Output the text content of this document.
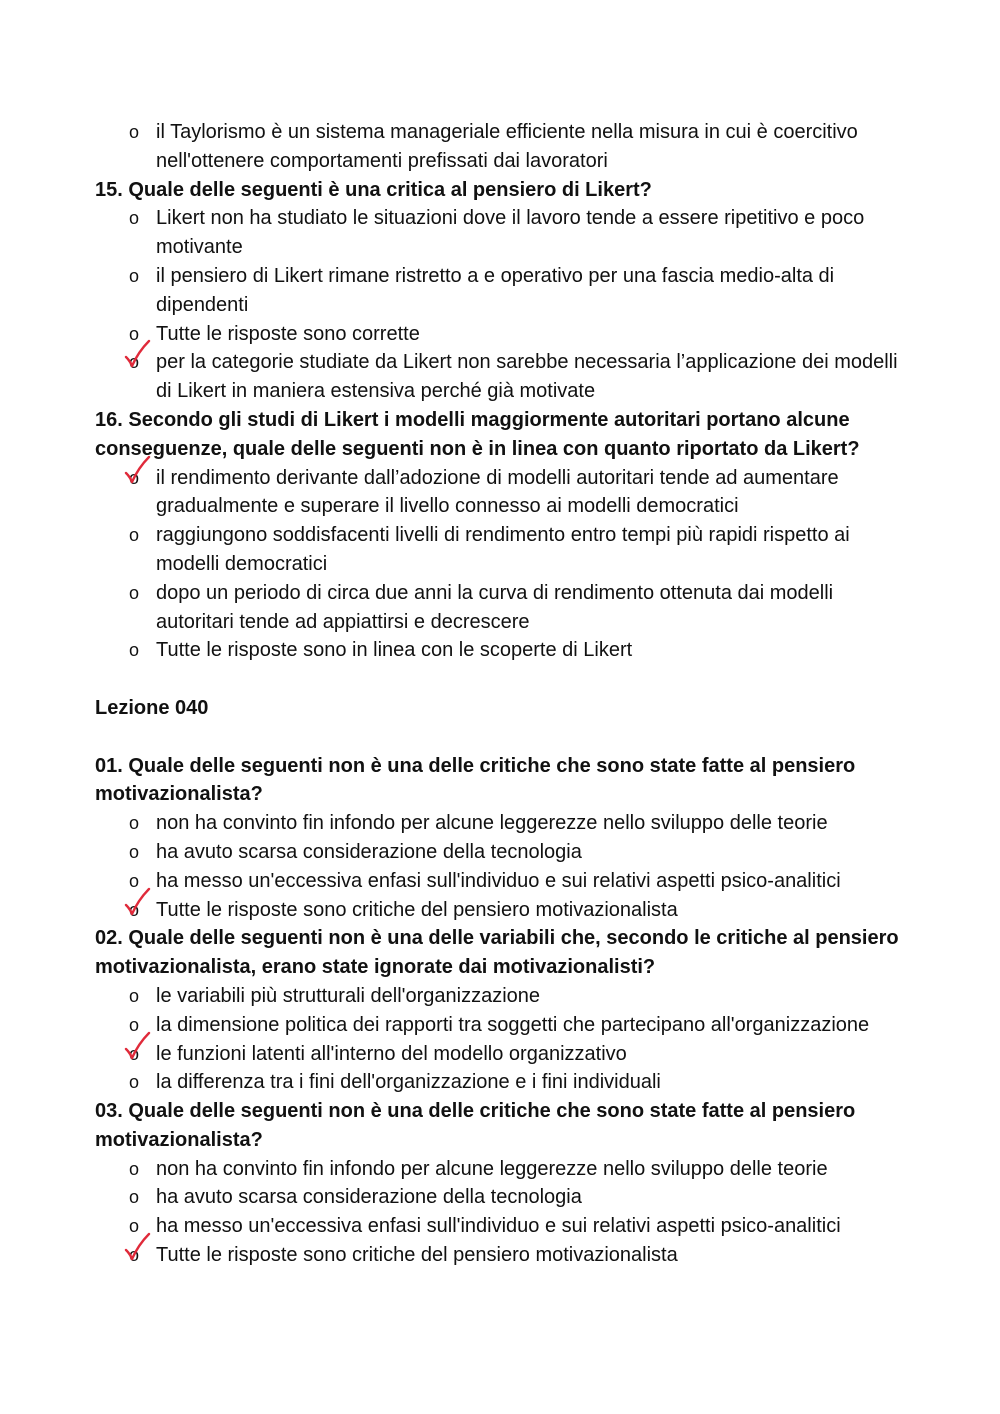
o il Taylorismo è un sistema manageriale efficiente nella misura in cui è coercitivo nell'ottenere comportamenti prefissati dai lavoratori

15. Quale delle seguenti è una critica al pensiero di Likert?

o Likert non ha studiato le situazioni dove il lavoro tende a essere ripetitivo e poco motivante
o il pensiero di Likert rimane ristretto a e operativo per una fascia medio-alta di dipendenti
o Tutte le risposte sono corrette
o per la categorie studiate da Likert non sarebbe necessaria l’applicazione dei modelli di Likert in maniera estensiva perché già motivate

16. Secondo gli studi di Likert i modelli maggiormente autoritari portano alcune conseguenze, quale delle seguenti non è in linea con quanto riportato da Likert?

o il rendimento derivante dall’adozione di modelli autoritari tende ad aumentare gradualmente e superare il livello connesso ai modelli democratici
o raggiungono soddisfacenti livelli di rendimento entro tempi più rapidi rispetto ai modelli democratici
o dopo un periodo di circa due anni la curva di rendimento ottenuta dai modelli autoritari tende ad appiattirsi e decrescere
o Tutte le risposte sono in linea con le scoperte di Likert

Lezione 040

01. Quale delle seguenti non è una delle critiche che sono state fatte al pensiero motivazionalista?

o non ha convinto fin infondo per alcune leggerezze nello sviluppo delle teorie
o ha avuto scarsa considerazione della tecnologia
o ha messo un'eccessiva enfasi sull'individuo e sui relativi aspetti psico-analitici
o Tutte le risposte sono critiche del pensiero motivazionalista

02. Quale delle seguenti non è una delle variabili che, secondo le critiche al pensiero motivazionalista, erano state ignorate dai motivazionalisti?

o le variabili più strutturali dell'organizzazione
o la dimensione politica dei rapporti tra soggetti che partecipano all'organizzazione
o le funzioni latenti all'interno del modello organizzativo
o la differenza tra i fini dell'organizzazione e i fini individuali

03. Quale delle seguenti non è una delle critiche che sono state fatte al pensiero motivazionalista?

o non ha convinto fin infondo per alcune leggerezze nello sviluppo delle teorie
o ha avuto scarsa considerazione della tecnologia
o ha messo un'eccessiva enfasi sull'individuo e sui relativi aspetti psico-analitici
o Tutte le risposte sono critiche del pensiero motivazionalista
